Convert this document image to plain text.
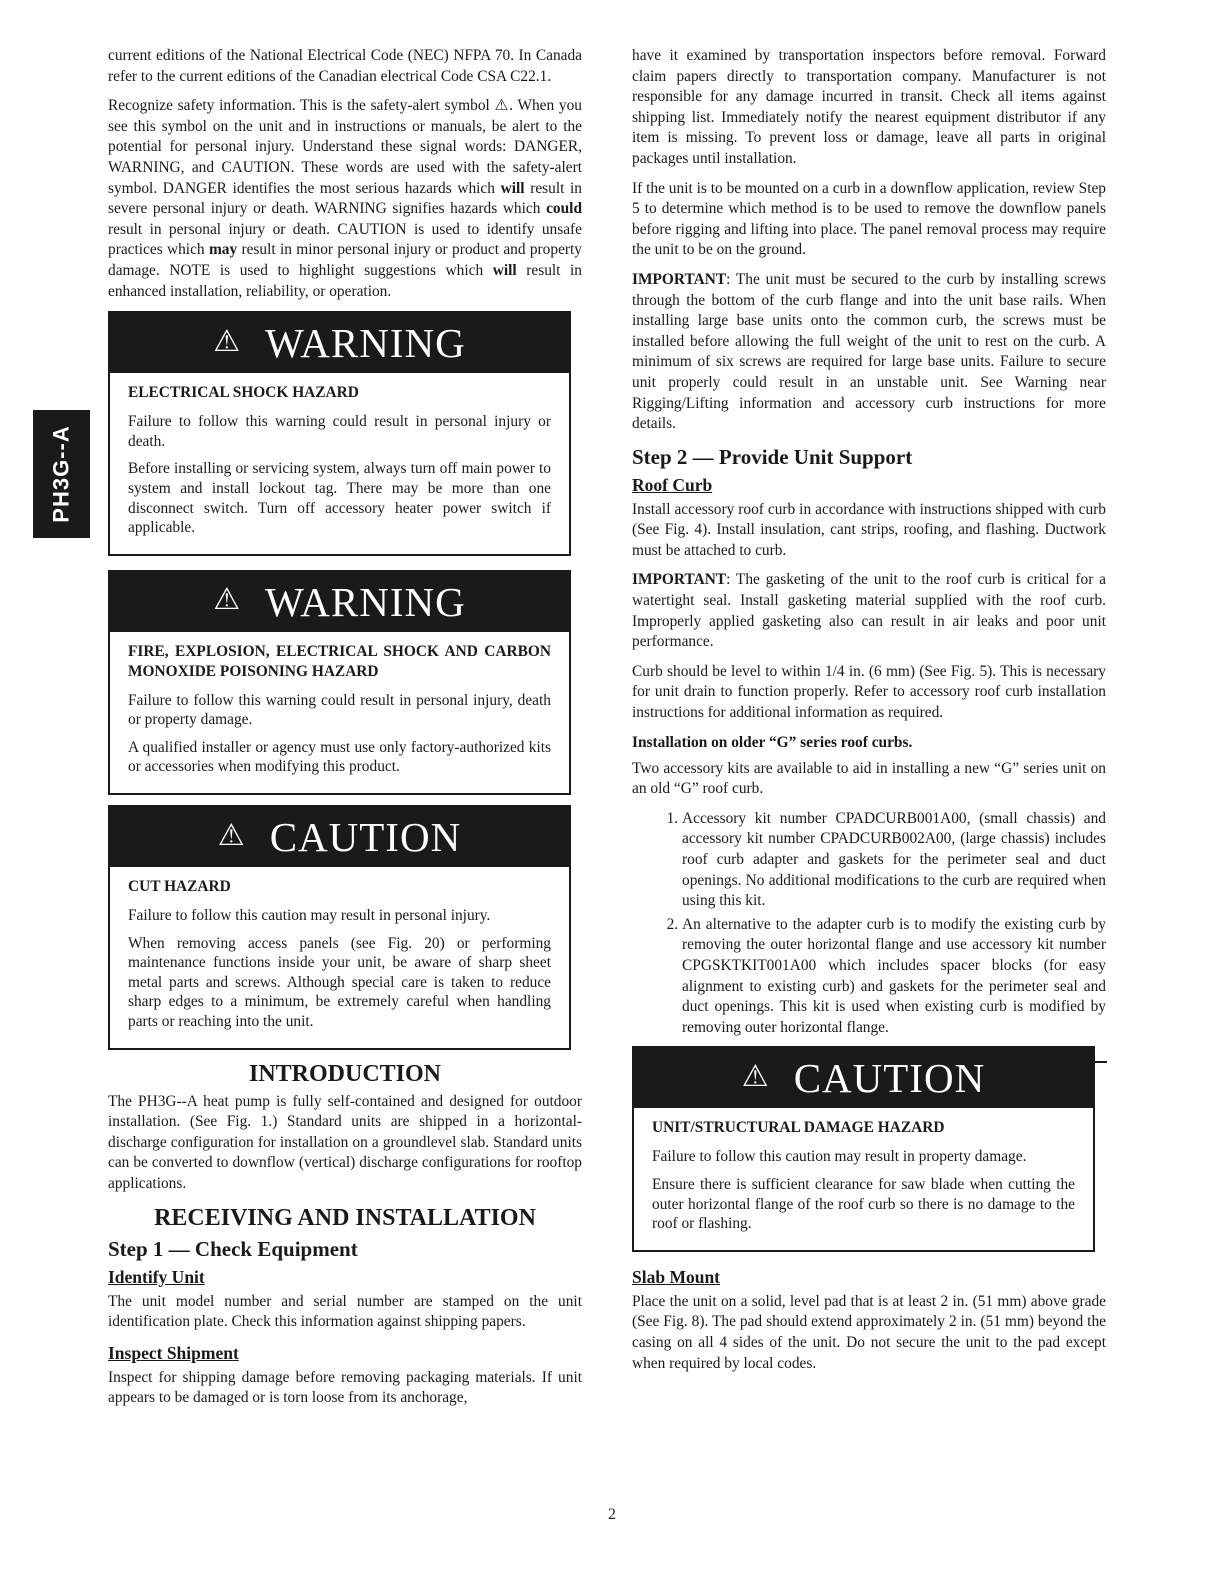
PH3G--A

current editions of the National Electrical Code (NEC) NFPA 70. In Canada refer to the current editions of the Canadian electrical Code CSA C22.1.

Recognize safety information. This is the safety-alert symbol ⚠. When you see this symbol on the unit and in instructions or manuals, be alert to the potential for personal injury. Understand these signal words: DANGER, WARNING, and CAUTION. These words are used with the safety-alert symbol. DANGER identifies the most serious hazards which will result in severe personal injury or death. WARNING signifies hazards which could result in personal injury or death. CAUTION is used to identify unsafe practices which may result in minor personal injury or product and property damage. NOTE is used to highlight suggestions which will result in enhanced installation, reliability, or operation.

⚠ WARNING
ELECTRICAL SHOCK HAZARD

Failure to follow this warning could result in personal injury or death.

Before installing or servicing system, always turn off main power to system and install lockout tag. There may be more than one disconnect switch. Turn off accessory heater power switch if applicable.

⚠ WARNING
FIRE, EXPLOSION, ELECTRICAL SHOCK AND CARBON MONOXIDE POISONING HAZARD

Failure to follow this warning could result in personal injury, death or property damage.

A qualified installer or agency must use only factory-authorized kits or accessories when modifying this product.

⚠ CAUTION
CUT HAZARD

Failure to follow this caution may result in personal injury.

When removing access panels (see Fig. 20) or performing maintenance functions inside your unit, be aware of sharp sheet metal parts and screws. Although special care is taken to reduce sharp edges to a minimum, be extremely careful when handling parts or reaching into the unit.

INTRODUCTION

The PH3G--A heat pump is fully self-contained and designed for outdoor installation. (See Fig. 1.) Standard units are shipped in a horizontal-discharge configuration for installation on a groundlevel slab. Standard units can be converted to downflow (vertical) discharge configurations for rooftop applications.

RECEIVING AND INSTALLATION
Step 1 — Check Equipment
Identify Unit

The unit model number and serial number are stamped on the unit identification plate. Check this information against shipping papers.

Inspect Shipment

Inspect for shipping damage before removing packaging materials. If unit appears to be damaged or is torn loose from its anchorage,

have it examined by transportation inspectors before removal. Forward claim papers directly to transportation company. Manufacturer is not responsible for any damage incurred in transit. Check all items against shipping list. Immediately notify the nearest equipment distributor if any item is missing. To prevent loss or damage, leave all parts in original packages until installation.

If the unit is to be mounted on a curb in a downflow application, review Step 5 to determine which method is to be used to remove the downflow panels before rigging and lifting into place. The panel removal process may require the unit to be on the ground.

IMPORTANT: The unit must be secured to the curb by installing screws through the bottom of the curb flange and into the unit base rails. When installing large base units onto the common curb, the screws must be installed before allowing the full weight of the unit to rest on the curb. A minimum of six screws are required for large base units. Failure to secure unit properly could result in an unstable unit. See Warning near Rigging/Lifting information and accessory curb instructions for more details.

Step 2 — Provide Unit Support
Roof Curb

Install accessory roof curb in accordance with instructions shipped with curb (See Fig. 4). Install insulation, cant strips, roofing, and flashing. Ductwork must be attached to curb.

IMPORTANT: The gasketing of the unit to the roof curb is critical for a watertight seal. Install gasketing material supplied with the roof curb. Improperly applied gasketing also can result in air leaks and poor unit performance.

Curb should be level to within 1/4 in. (6 mm) (See Fig. 5). This is necessary for unit drain to function properly. Refer to accessory roof curb installation instructions for additional information as required.

Installation on older “G” series roof curbs.

Two accessory kits are available to aid in installing a new “G” series unit on an old “G” roof curb.

1. Accessory kit number CPADCURB001A00, (small chassis) and accessory kit number CPADCURB002A00, (large chassis) includes roof curb adapter and gaskets for the perimeter seal and duct openings. No additional modifications to the curb are required when using this kit.
2. An alternative to the adapter curb is to modify the existing curb by removing the outer horizontal flange and use accessory kit number CPGSKTKIT001A00 which includes spacer blocks (for easy alignment to existing curb) and gaskets for the perimeter seal and duct openings. This kit is used when existing curb is modified by removing outer horizontal flange.
⚠ CAUTION
UNIT/STRUCTURAL DAMAGE HAZARD

Failure to follow this caution may result in property damage.

Ensure there is sufficient clearance for saw blade when cutting the outer horizontal flange of the roof curb so there is no damage to the roof or flashing.

Slab Mount

Place the unit on a solid, level pad that is at least 2 in. (51 mm) above grade (See Fig. 8). The pad should extend approximately 2 in. (51 mm) beyond the casing on all 4 sides of the unit. Do not secure the unit to the pad except when required by local codes.

2
